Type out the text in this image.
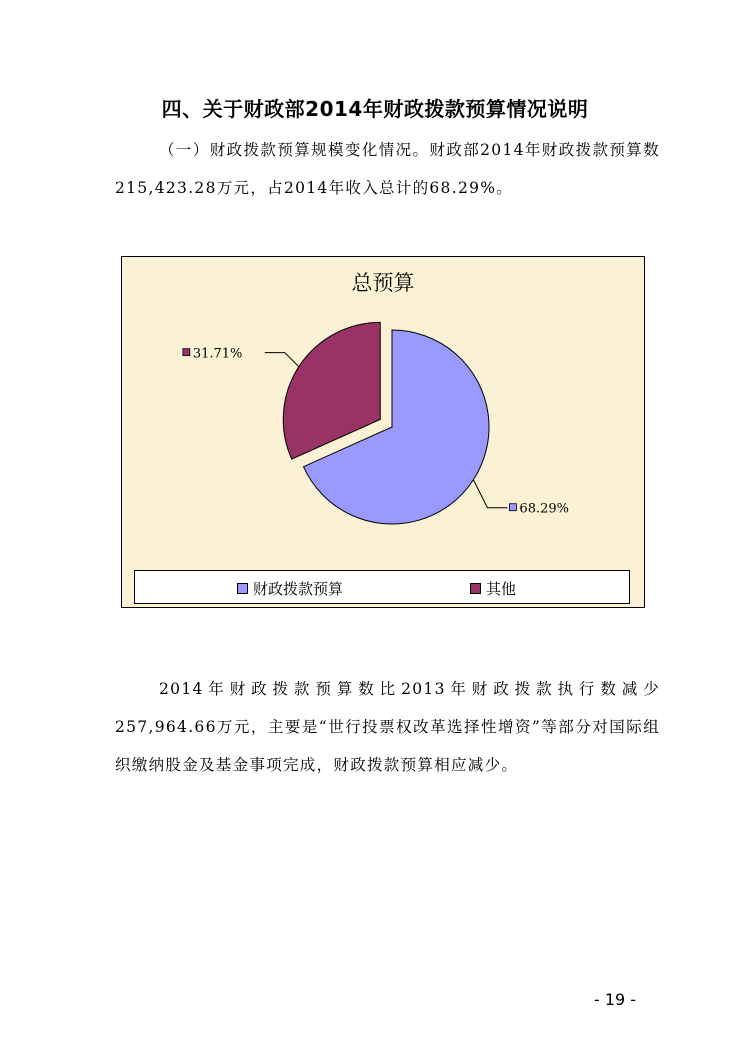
四、关于财政部2014年财政拨款预算情况说明
（一）财政拨款预算规模变化情况。财政部2014年财政拨款预算数215,423.28万元，占2014年收入总计的68.29%。
总预算
68.29%
31.71%
财政拨款预算	其他
2014年财政拨款预算数比2013年财政拨款执行数减少257,964.66万元，主要是“世行投票权改革选择性增资”等部分对国际组织缴纳股金及基金事项完成，财政拨款预算相应减少。
- 19 -
